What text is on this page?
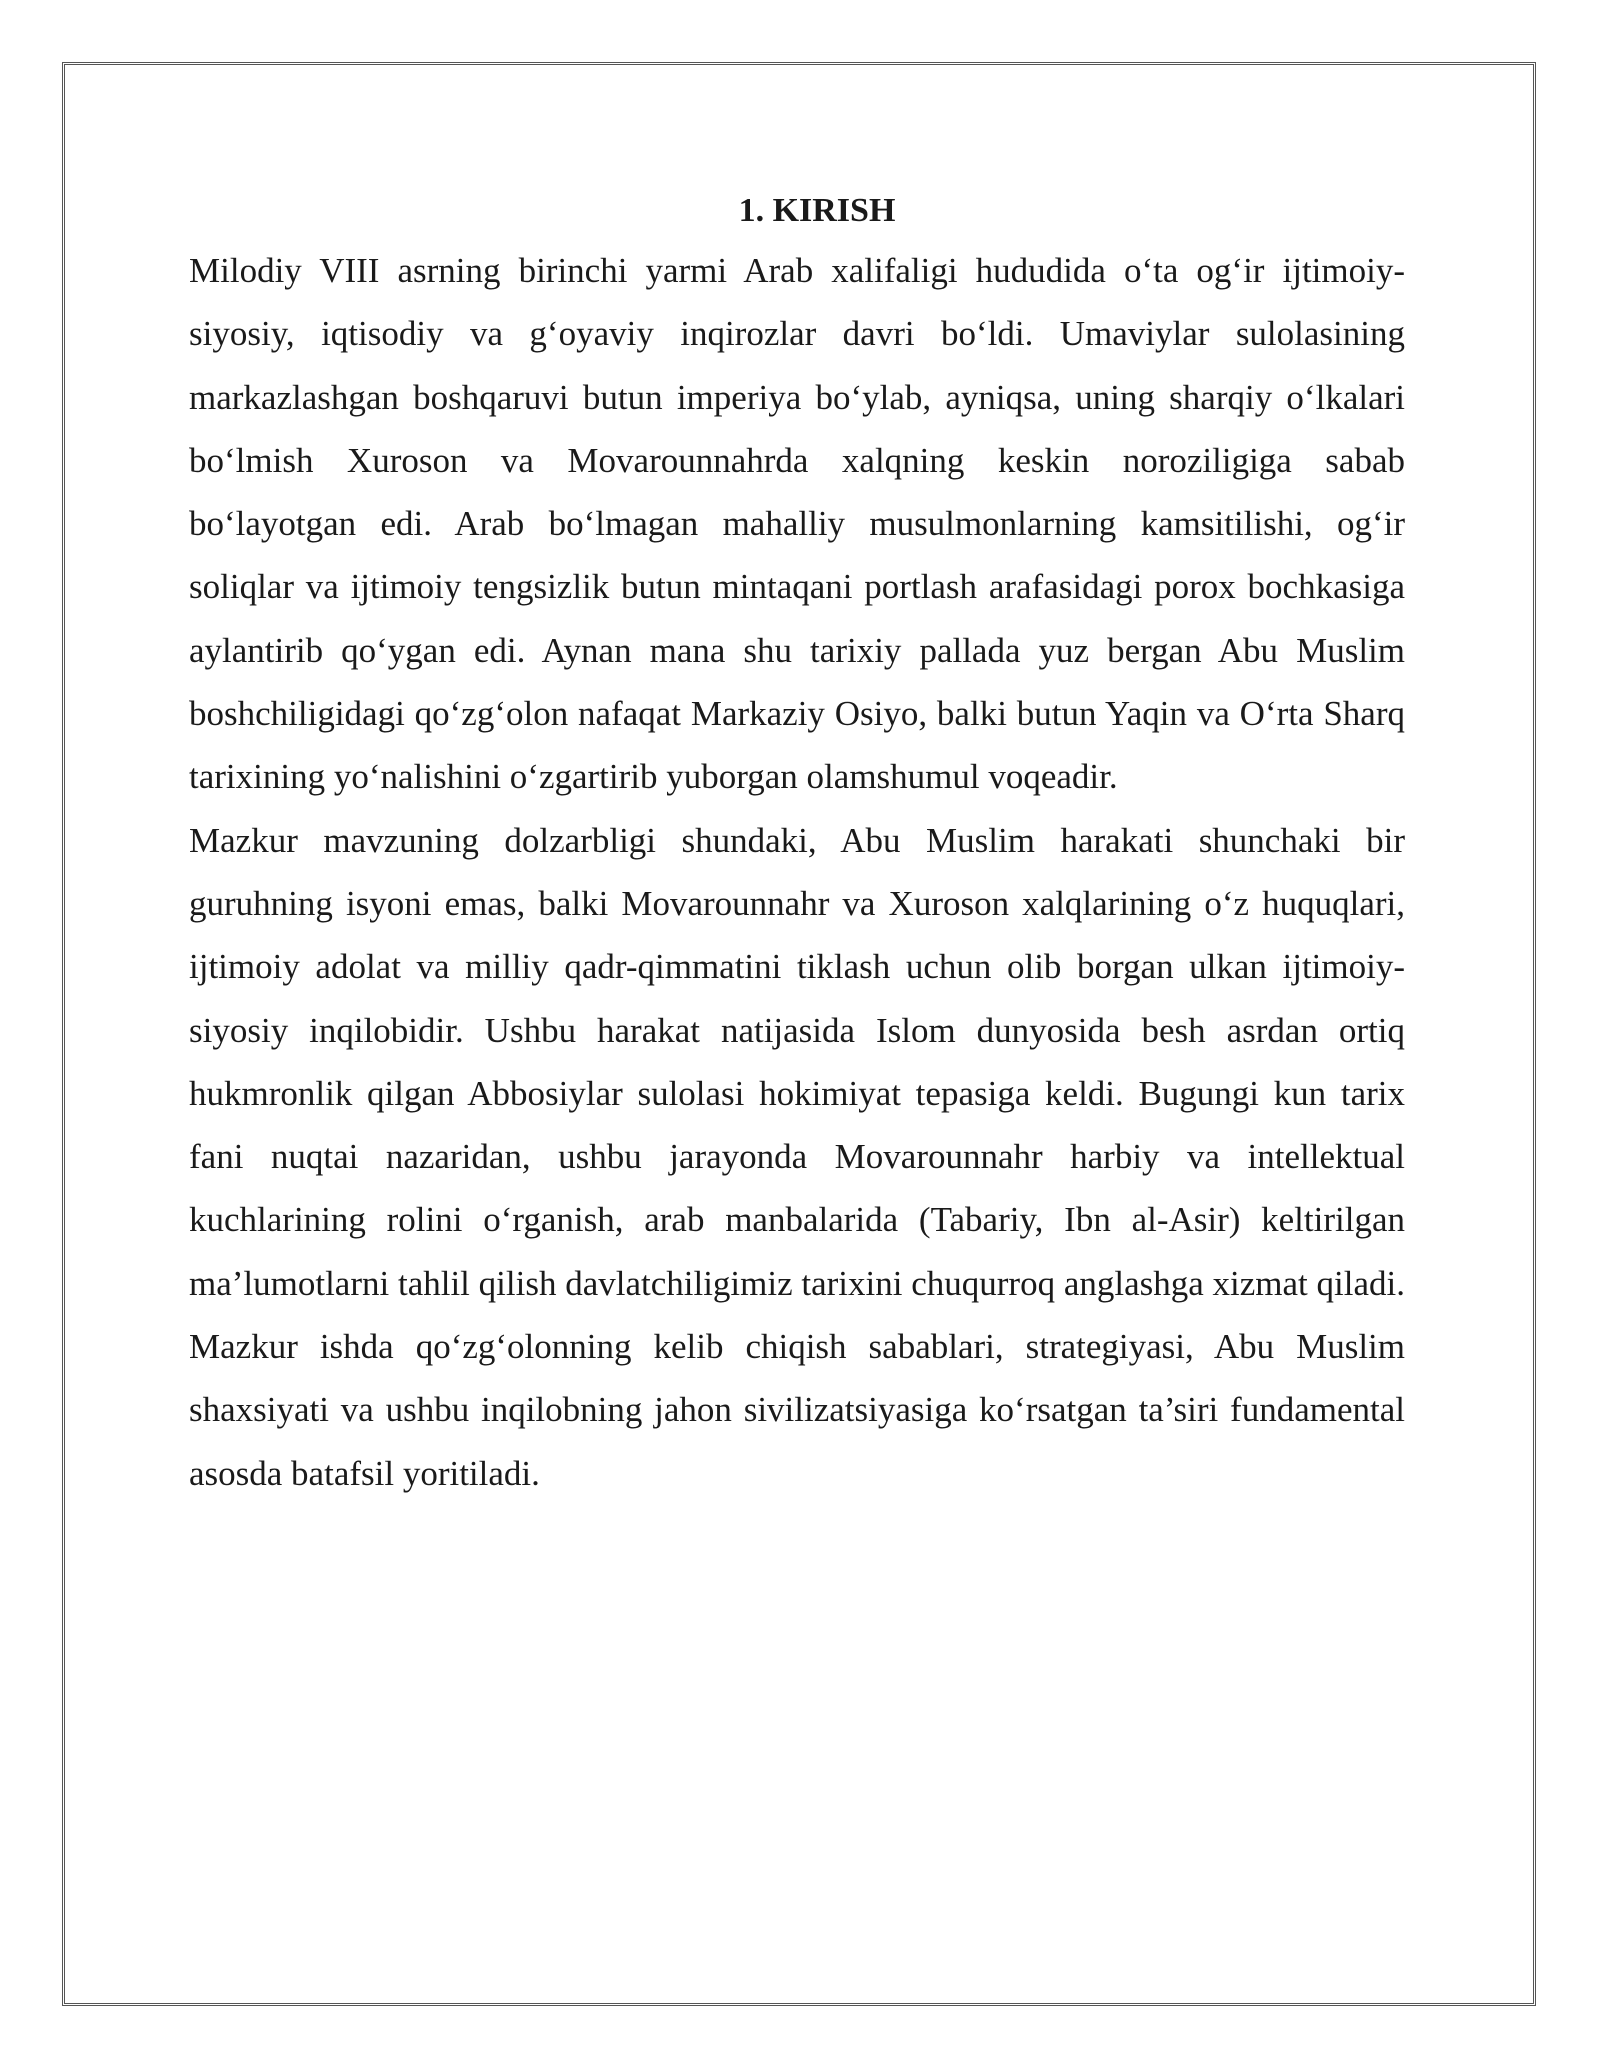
1. KIRISH

Milodiy VIII asrning birinchi yarmi Arab xalifaligi hududida o‘ta og‘ir ijtimoiy-siyosiy, iqtisodiy va g‘oyaviy inqirozlar davri bo‘ldi. Umaviylar sulolasining markazlashgan boshqaruvi butun imperiya bo‘ylab, ayniqsa, uning sharqiy o‘lkalari bo‘lmish Xuroson va Movarounnahrda xalqning keskin noroziligiga sabab bo‘layotgan edi. Arab bo‘lmagan mahalliy musulmonlarning kamsitilishi, og‘ir soliqlar va ijtimoiy tengsizlik butun mintaqani portlash arafasidagi porox bochkasiga aylantirib qo‘ygan edi. Aynan mana shu tarixiy pallada yuz bergan Abu Muslim boshchiligidagi qo‘zg‘olon nafaqat Markaziy Osiyo, balki butun Yaqin va O‘rta Sharq tarixining yo‘nalishini o‘zgartirib yuborgan olamshumul voqeadir.

Mazkur mavzuning dolzarbligi shundaki, Abu Muslim harakati shunchaki bir guruhning isyoni emas, balki Movarounnahr va Xuroson xalqlarining o‘z huquqlari, ijtimoiy adolat va milliy qadr-qimmatini tiklash uchun olib borgan ulkan ijtimoiy-siyosiy inqilobidir. Ushbu harakat natijasida Islom dunyosida besh asrdan ortiq hukmronlik qilgan Abbosiylar sulolasi hokimiyat tepasiga keldi. Bugungi kun tarix fani nuqtai nazaridan, ushbu jarayonda Movarounnahr harbiy va intellektual kuchlarining rolini o‘rganish, arab manbalarida (Tabariy, Ibn al-Asir) keltirilgan ma’lumotlarni tahlil qilish davlatchiligimiz tarixini chuqurroq anglashga xizmat qiladi. Mazkur ishda qo‘zg‘olonning kelib chiqish sabablari, strategiyasi, Abu Muslim shaxsiyati va ushbu inqilobning jahon sivilizatsiyasiga ko‘rsatgan ta’siri fundamental asosda batafsil yoritiladi.
